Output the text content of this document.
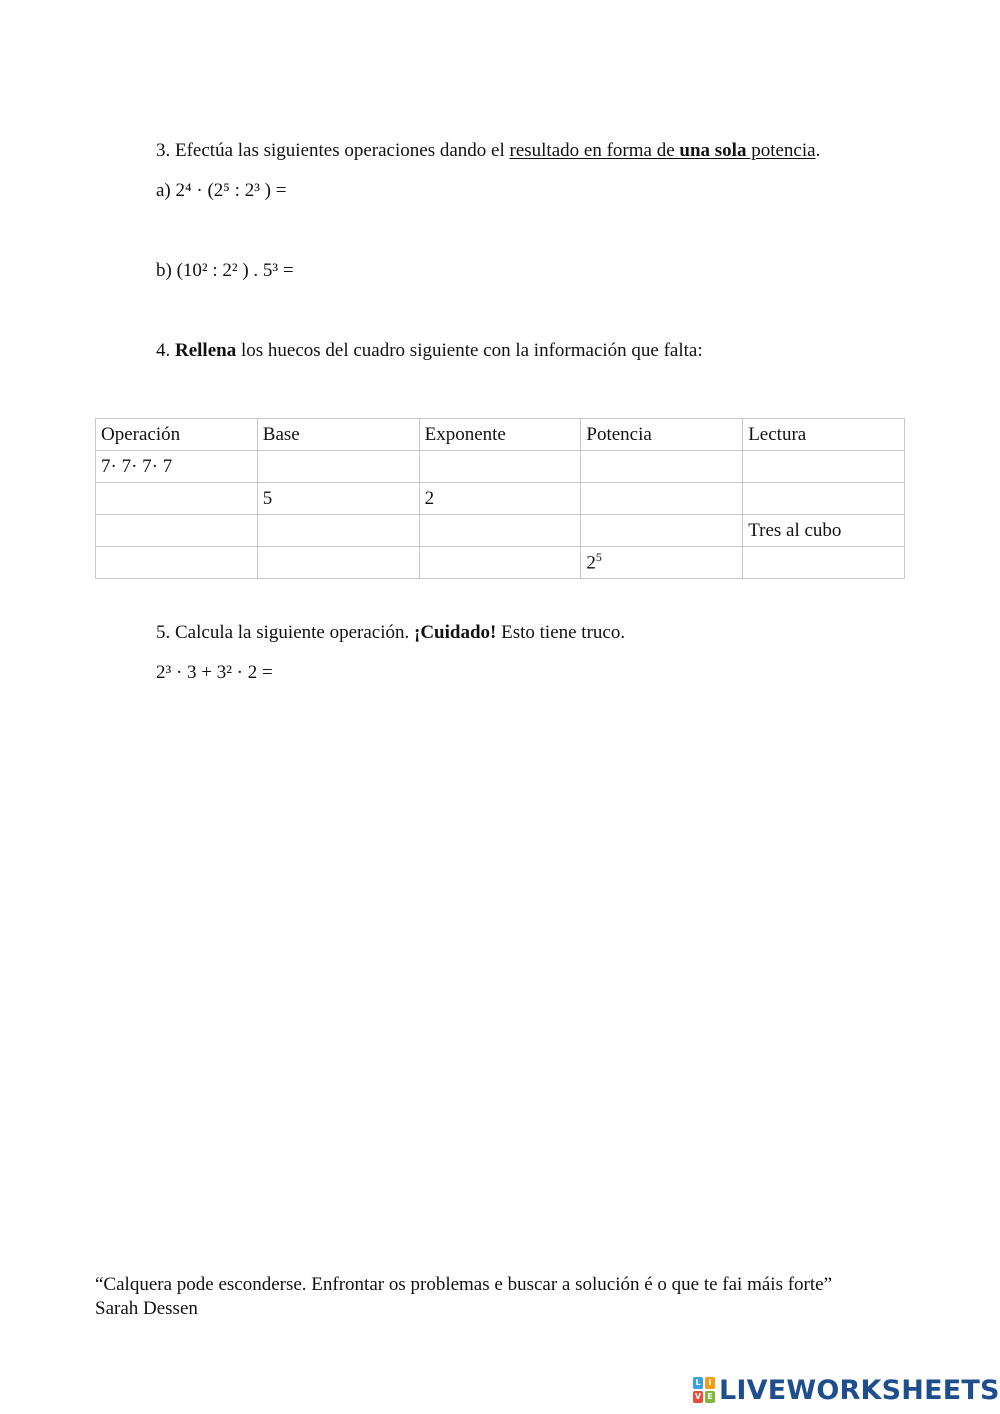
3. Efectúa las siguientes operaciones dando el resultado en forma de una sola potencia.
a) 2⁴ · (2⁵ : 2³ ) =
b) (10² : 2² ) . 5³ =
4. Rellena los huecos del cuadro siguiente con la información que falta:
Operación	Base	Exponente	Potencia	Lectura
7· 7· 7· 7				
	5	2		
				Tres al cubo
			$2^5$	
5. Calcula la siguiente operación. ¡Cuidado! Esto tiene truco.
2³ · 3 + 3² · 2 =
“Calquera pode esconderse. Enfrontar os problemas e buscar a solución é o que te fai máis forte”
Sarah Dessen
L I
V E LIVEWORKSHEETS
